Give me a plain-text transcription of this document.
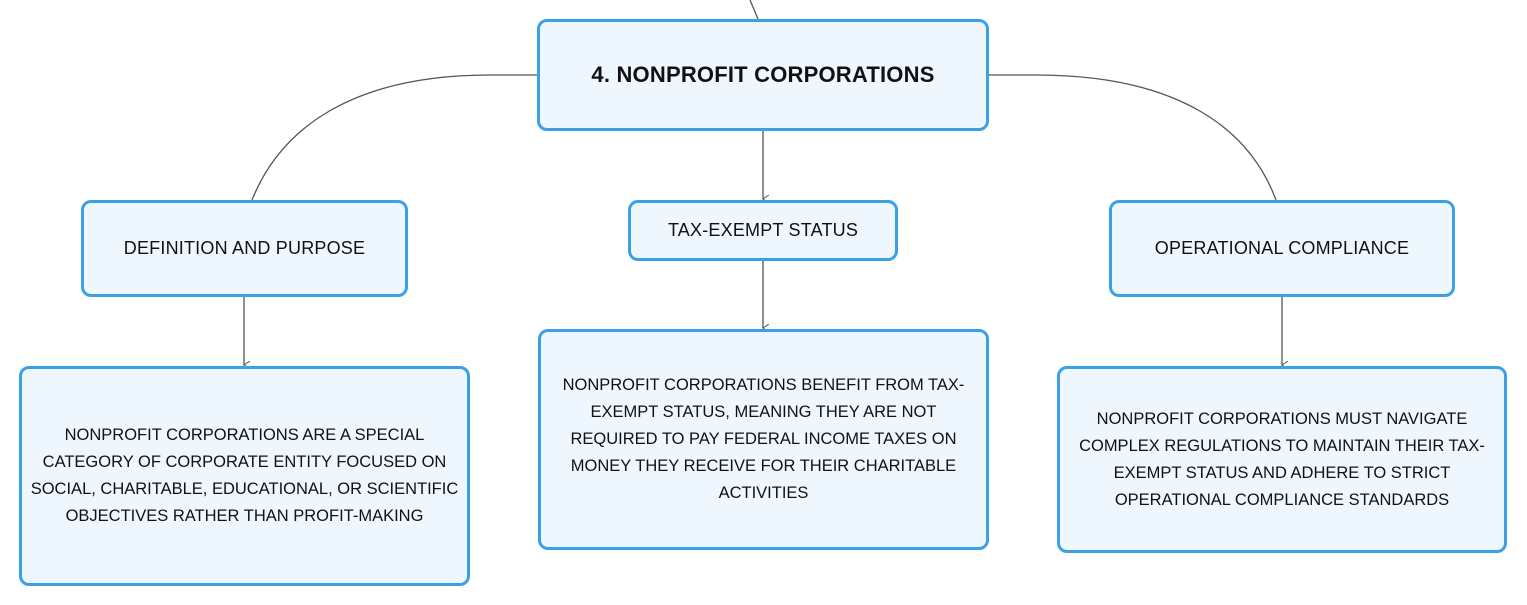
4. NONPROFIT CORPORATIONS
DEFINITION AND PURPOSE
TAX-EXEMPT STATUS
OPERATIONAL COMPLIANCE
NONPROFIT CORPORATIONS ARE A SPECIAL CATEGORY OF CORPORATE ENTITY FOCUSED ON SOCIAL, CHARITABLE, EDUCATIONAL, OR SCIENTIFIC OBJECTIVES RATHER THAN PROFIT-MAKING
NONPROFIT CORPORATIONS BENEFIT FROM TAX-EXEMPT STATUS, MEANING THEY ARE NOT REQUIRED TO PAY FEDERAL INCOME TAXES ON MONEY THEY RECEIVE FOR THEIR CHARITABLE ACTIVITIES
NONPROFIT CORPORATIONS MUST NAVIGATE COMPLEX REGULATIONS TO MAINTAIN THEIR TAX-EXEMPT STATUS AND ADHERE TO STRICT OPERATIONAL COMPLIANCE STANDARDS
